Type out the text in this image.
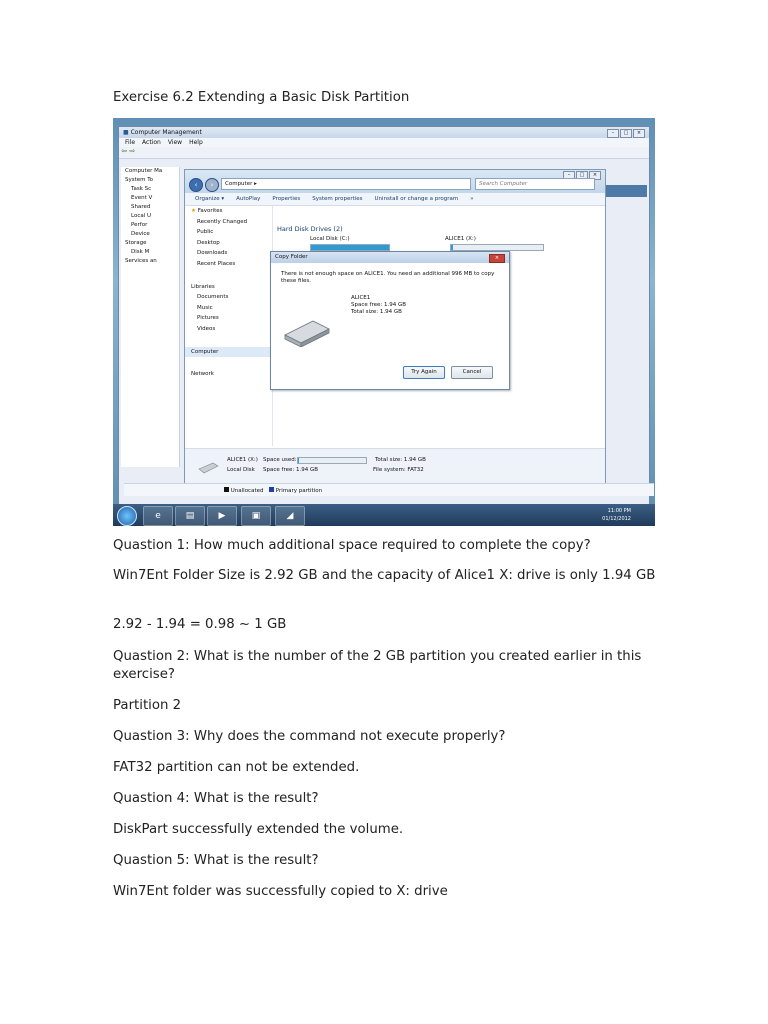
Exercise 6.2 Extending a Basic Disk Partition
■ Computer Management	–	□	×
File Action View Help
⇦ ⇨
Computer Ma
System To
Task Sc
Event V
Shared
Local U
Perfor
Device
Storage
Disk M
Services an
–	□	×
‹	›	Computer ▸	Search Computer
Organize ▾ AutoPlay Properties System properties Uninstall or change a program »
★ Favorites
Recently Changed
Public
Desktop
Downloads
Recent Places
Libraries
Documents
Music
Pictures
Videos
Computer
Network
Hard Disk Drives (2)
Local Disk (C:)	ALICE1 (X:)
ALICE1 (X:)
Local Disk
Space used:
Space free: 1.94 GB
Total size: 1.94 GB
File system: FAT32
Copy Folder	×
There is not enough space on ALICE1. You need an additional 996 MB to copy these files.
ALICE1
Space free: 1.94 GB
Total size: 1.94 GB
Try Again	Cancel
Unallocated	Primary partition
e	▤	▶	▣	◢	11:00 PM
01/12/2012

Quastion 1: How much additional space required to complete the copy?

Win7Ent Folder Size is 2.92 GB and the capacity of Alice1 X: drive is only 1.94 GB

2.92 - 1.94 = 0.98 ~ 1 GB

Quastion 2: What is the number of the 2 GB partition you created earlier in this exercise?

Partition 2

Quastion 3: Why does the command not execute properly?

FAT32 partition can not be extended.

Quastion 4: What is the result?

DiskPart successfully extended the volume.

Quastion 5: What is the result?

Win7Ent folder was successfully copied to X: drive
